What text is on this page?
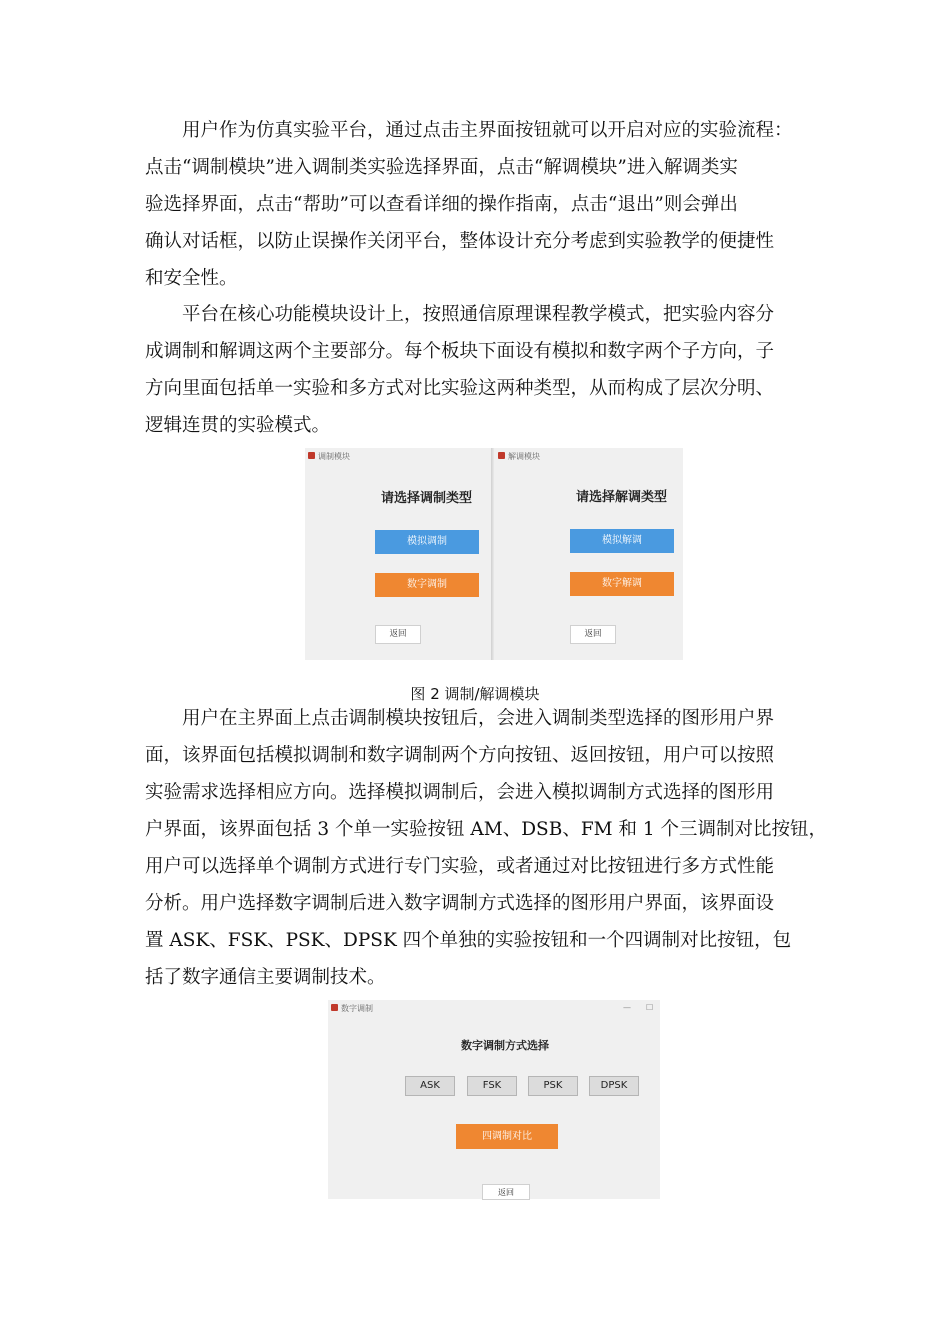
用户作为仿真实验平台，通过点击主界面按钮就可以开启对应的实验流程：
点击“调制模块”进入调制类实验选择界面，点击“解调模块”进入解调类实
验选择界面，点击“帮助”可以查看详细的操作指南，点击“退出”则会弹出
确认对话框，以防止误操作关闭平台，整体设计充分考虑到实验教学的便捷性
和安全性。
平台在核心功能模块设计上，按照通信原理课程教学模式，把实验内容分
成调制和解调这两个主要部分。每个板块下面设有模拟和数字两个子方向，子
方向里面包括单一实验和多方式对比实验这两种类型，从而构成了层次分明、
逻辑连贯的实验模式。
调制模块
请选择调制类型
模拟调制
数字调制
返回
解调模块
请选择解调类型
模拟解调
数字解调
返回
图 2 调制/解调模块
用户在主界面上点击调制模块按钮后，会进入调制类型选择的图形用户界
面，该界面包括模拟调制和数字调制两个方向按钮、返回按钮，用户可以按照
实验需求选择相应方向。选择模拟调制后，会进入模拟调制方式选择的图形用
户界面，该界面包括 3 个单一实验按钮 AM、DSB、FM 和 1 个三调制对比按钮，
用户可以选择单个调制方式进行专门实验，或者通过对比按钮进行多方式性能
分析。用户选择数字调制后进入数字调制方式选择的图形用户界面，该界面设
置 ASK、FSK、PSK、DPSK 四个单独的实验按钮和一个四调制对比按钮，包
括了数字通信主要调制技术。
数字调制	— ☐
数字调制方式选择
ASK	FSK	PSK	DPSK
四调制对比
返回
